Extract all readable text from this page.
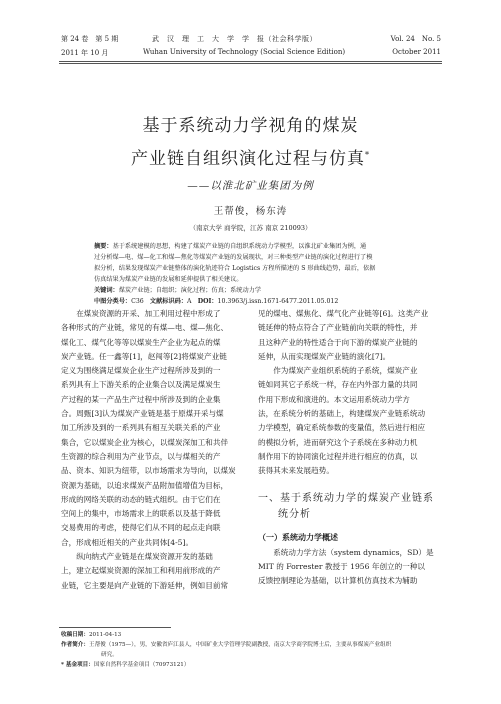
第 24 卷　第 5 期	武　汉　理　工　大　学　学　报（社会科学版）	Vol. 24　No. 5
2011 年 10 月	Wuhan University of Technology (Social Science Edition)	October 2011
基于系统动力学视角的煤炭
产业链自组织演化过程与仿真*
——以淮北矿业集团为例
王帮俊，杨东涛
（南京大学 商学院，江苏 南京 210093）
摘要：基于系统建模的思想，构建了煤炭产业链的自组织系统动力学模型，以淮北矿业集团为例，通
过分析煤—电、煤—化工和煤—焦化等煤炭产业链的发展现状，对三种类型产业链的演化过程进行了模
拟分析，结果发现煤炭产业链整体的演化轨迹符合 Logistics 方程所描述的 S 形曲线趋势，最后，依据
仿真结果为煤炭产业链的发展和延伸提供了相关建议。
关键词：煤炭产业链；自组织；演化过程；仿真；系统动力学
中图分类号：C36　 文献标识码：A　 DOI：10.3963/j.issn.1671-6477.2011.05.012
在煤炭资源的开采、加工利用过程中形成了
各种形式的产业链，常见的有煤—电、煤—焦化、
煤化工、煤气化等等以煤炭生产企业为起点的煤
炭产业链。任一鑫等[1]，赵闯等[2]将煤炭产业链
定义为围绕满足煤炭企业生产过程所涉及到的一
系列具有上下游关系的企业集合以及满足煤炭生
产过程的某一产品生产过程中所涉及到的企业集
合。周甄[3]认为煤炭产业链是基于原煤开采与煤
加工所涉及到的一系列具有相互关联关系的产业
集合，它以煤炭企业为核心，以煤炭深加工和共伴
生资源的综合利用为产业节点，以与煤相关的产
品、资本、知识为纽带，以市场需求为导向，以煤炭
资源为基础，以追求煤炭产品附加值增值为目标，
形成的网络关联的动态的链式组织。由于它们在
空间上的集中，市场需求上的联系以及基于降低
交易费用的考虑，使得它们从不同的起点走向联
合，形成相近相关的产业共同体[4-5]。
纵向纳式产业链是在煤炭资源开发的基础
上，建立起煤炭资源的深加工和利用前形成的产
业链，它主要是向产业链的下游延伸，例如目前常
见的煤电、煤焦化、煤气化产业链等[6]。这类产业
链延伸的特点符合了产业链前向关联的特性，并
且这种产业的特性适合于向下游的煤炭产业链的
延伸，从而实现煤炭产业链的演化[7]。
作为煤炭产业组织系统的子系统，煤炭产业
链如同其它子系统一样，存在内外部力量的共同
作用下形成和演进的。本文运用系统动力学方
法，在系统分析的基础上，构建煤炭产业链系统动
力学模型，确定系统参数的变量值，然后进行相应
的模拟分析，进而研究这个子系统在多种动力机
制作用下的协同演化过程并进行相应的仿真，以
获得其未来发展趋势。
一、基于系统动力学的煤炭产业链系
统分析
（一）系统动力学概述
系统动力学方法（system dynamics，SD）是
MIT 的 Forrester 教授于 1956 年创立的一种以
反馈控制理论为基础，以计算机仿真技术为辅助
收稿日期：2011-04-13
作者简介：王帮俊（1975—），男，安徽省庐江县人，中国矿业大学管理学院副教授，南京大学商学院博士后，主要从事煤炭产业组织
研究。
* 基金项目：国家自然科学基金项目（70973121）
